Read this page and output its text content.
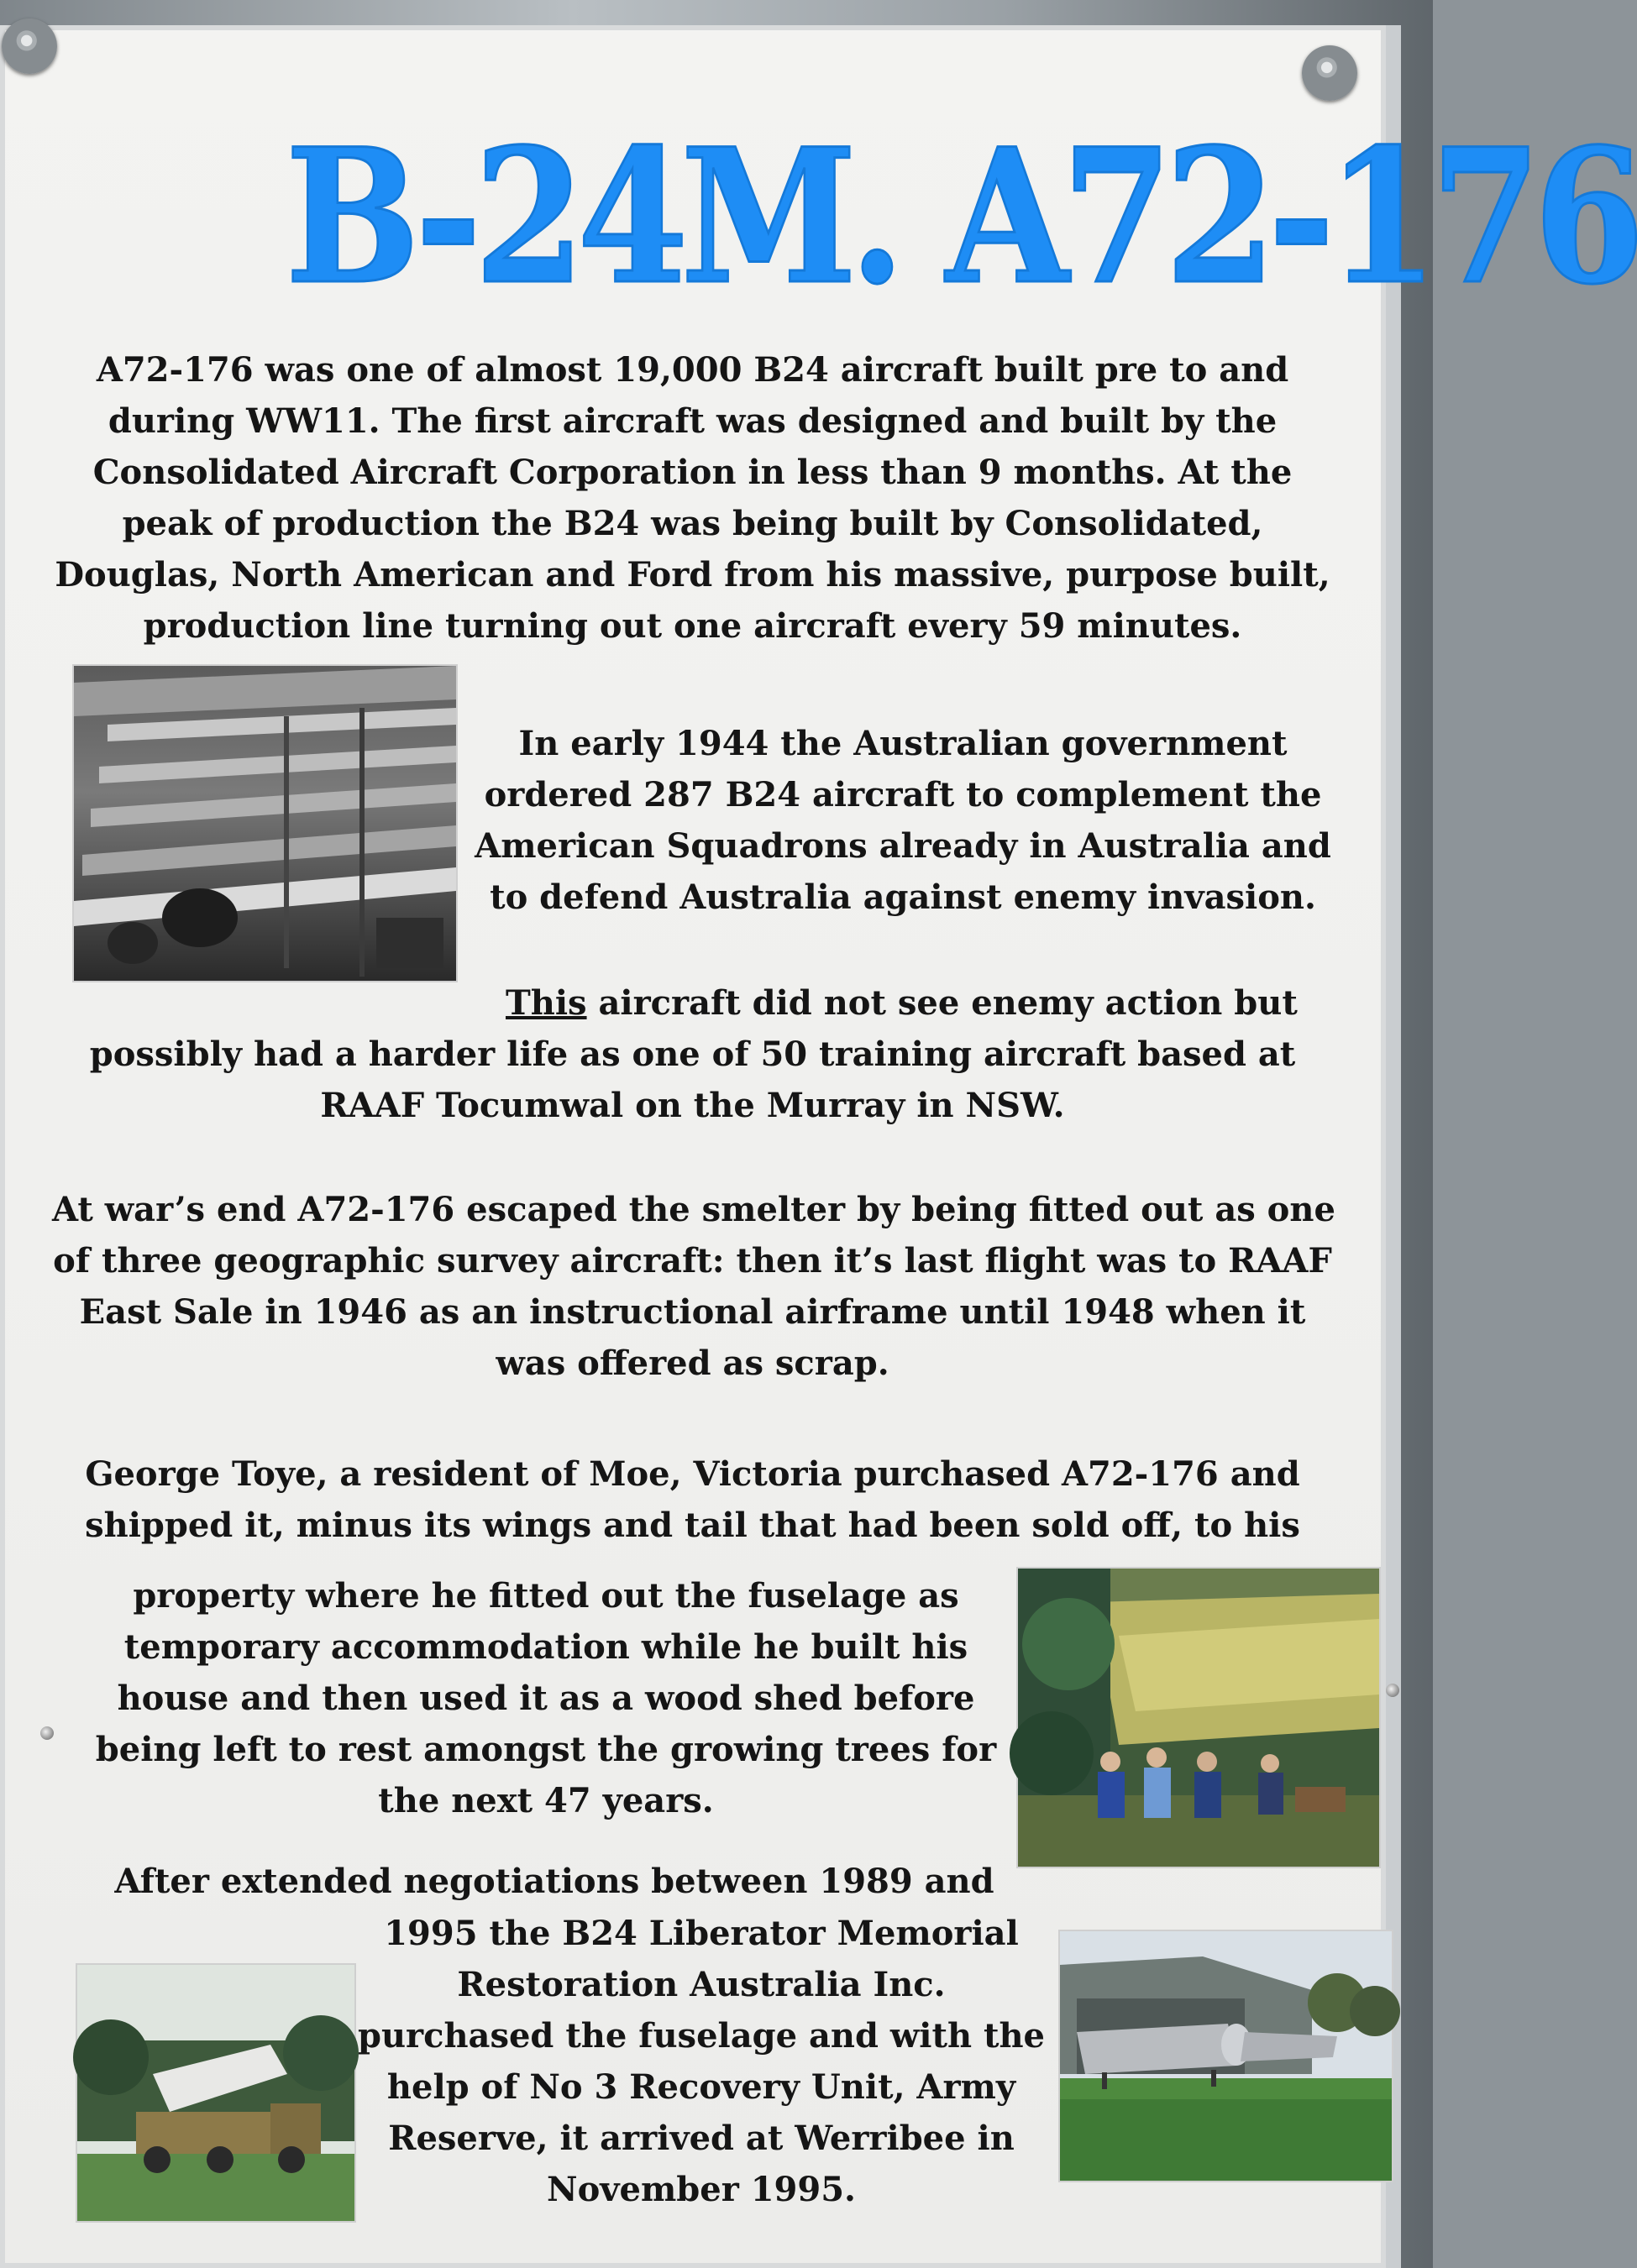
B-24M. A72-176
A72-176 was one of almost 19,000 B24 aircraft built pre to and
during WW11. The first aircraft was designed and built by the
Consolidated Aircraft Corporation in less than 9 months. At the
peak of production the B24 was being built by Consolidated,
Douglas, North American and Ford from his massive, purpose built,
production line turning out one aircraft every 59 minutes.
In early 1944 the Australian government
ordered 287 B24 aircraft to complement the
American Squadrons already in Australia and
to defend Australia against enemy invasion.
This aircraft did not see enemy action but
possibly had a harder life as one of 50 training aircraft based at
RAAF Tocumwal on the Murray in NSW.
At war’s end A72-176 escaped the smelter by being fitted out as one
of three geographic survey aircraft: then it’s last flight was to RAAF
East Sale in 1946 as an instructional airframe until 1948 when it
was offered as scrap.
George Toye, a resident of Moe, Victoria purchased A72-176 and
shipped it, minus its wings and tail that had been sold off, to his
property where he fitted out the fuselage as
temporary accommodation while he built his
house and then used it as a wood shed before
being left to rest amongst the growing trees for
the next 47 years.
After extended negotiations between 1989 and
1995 the B24 Liberator Memorial
Restoration Australia Inc.
purchased the fuselage and with the
help of No 3 Recovery Unit, Army
Reserve, it arrived at Werribee in
November 1995.
